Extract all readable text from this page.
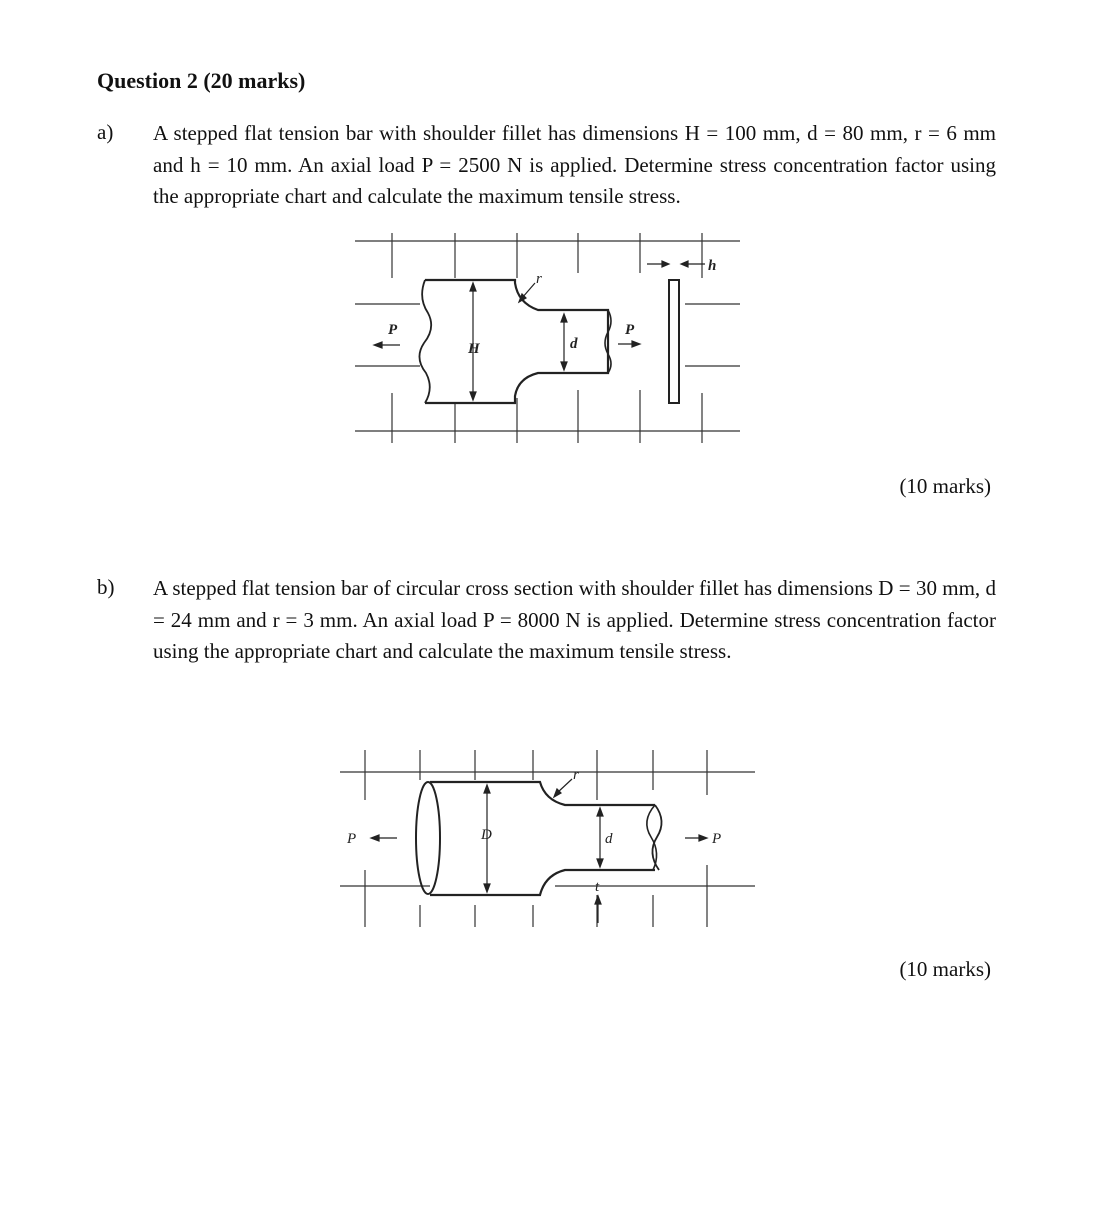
Question 2 (20 marks)
a) A stepped flat tension bar with shoulder fillet has dimensions H = 100 mm, d = 80 mm, r = 6 mm and h = 10 mm. An axial load P = 2500 N is applied. Determine stress concentration factor using the appropriate chart and calculate the maximum tensile stress.

P	P
H	d
r
h
(10 marks)
b) A stepped flat tension bar of circular cross section with shoulder fillet has dimensions D = 30 mm, d = 24 mm and r = 3 mm. An axial load P = 8000 N is applied. Determine stress concentration factor using the appropriate chart and calculate the maximum tensile stress.

P	P
D	d
r
t
(10 marks)
